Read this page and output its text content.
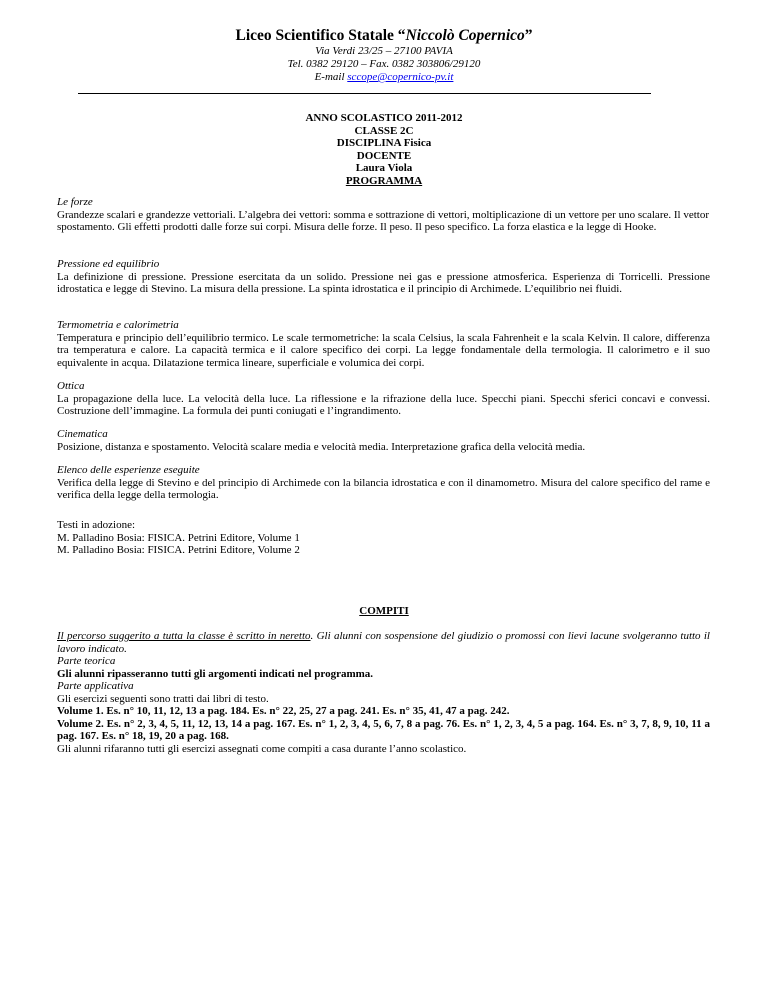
Liceo Scientifico Statale “Niccolò Copernico”
Via Verdi 23/25 – 27100 PAVIA
Tel. 0382 29120 – Fax. 0382 303806/29120
E-mail sccope@copernico-pv.it
ANNO SCOLASTICO 2011-2012
CLASSE 2C
DISCIPLINA Fisica
DOCENTE
Laura Viola
PROGRAMMA
Le forze
Grandezze scalari e grandezze vettoriali. L’algebra dei vettori: somma e sottrazione di vettori, moltiplicazione di un vettore per uno scalare. Il vettor spostamento. Gli effetti prodotti dalle forze sui corpi. Misura delle forze. Il peso. Il peso specifico. La forza elastica e la legge di Hooke.
Pressione ed equilibrio
La definizione di pressione. Pressione esercitata da un solido. Pressione nei gas e pressione atmosferica. Esperienza di Torricelli. Pressione idrostatica e legge di Stevino. La misura della pressione. La spinta idrostatica e il principio di Archimede. L’equilibrio nei fluidi.
Termometria e calorimetria
Temperatura e principio dell’equilibrio termico. Le scale termometriche: la scala Celsius, la scala Fahrenheit e la scala Kelvin. Il calore, differenza tra temperatura e calore. La capacità termica e il calore specifico dei corpi. La legge fondamentale della termologia. Il calorimetro e il suo equivalente in acqua. Dilatazione termica lineare, superficiale e volumica dei corpi.
Ottica
La propagazione della luce. La velocità della luce. La riflessione e la rifrazione della luce. Specchi piani. Specchi sferici concavi e convessi. Costruzione dell’immagine. La formula dei punti coniugati e l’ingrandimento.
Cinematica
Posizione, distanza e spostamento. Velocità scalare media e velocità media. Interpretazione grafica della velocità media.
Elenco delle esperienze eseguite
Verifica della legge di Stevino e del principio di Archimede con la bilancia idrostatica e con il dinamometro. Misura del calore specifico del rame e verifica della legge della termologia.
Testi in adozione:
M. Palladino Bosia: FISICA. Petrini Editore, Volume 1
M. Palladino Bosia: FISICA. Petrini Editore, Volume 2
COMPITI
Il percorso suggerito a tutta la classe è scritto in neretto. Gli alunni con sospensione del giudizio o promossi con lievi lacune svolgeranno tutto il lavoro indicato.
Parte teorica
Gli alunni ripasseranno tutti gli argomenti indicati nel programma.
Parte applicativa
Gli esercizi seguenti sono tratti dai libri di testo.
Volume 1. Es. n° 10, 11, 12, 13 a pag. 184. Es. n° 22, 25, 27 a pag. 241. Es. n° 35, 41, 47 a pag. 242.
Volume 2. Es. n° 2, 3, 4, 5, 11, 12, 13, 14 a pag. 167. Es. n° 1, 2, 3, 4, 5, 6, 7, 8 a pag. 76. Es. n° 1, 2, 3, 4, 5 a pag. 164. Es. n° 3, 7, 8, 9, 10, 11 a pag. 167. Es. n° 18, 19, 20 a pag. 168.
Gli alunni rifaranno tutti gli esercizi assegnati come compiti a casa durante l’anno scolastico.
